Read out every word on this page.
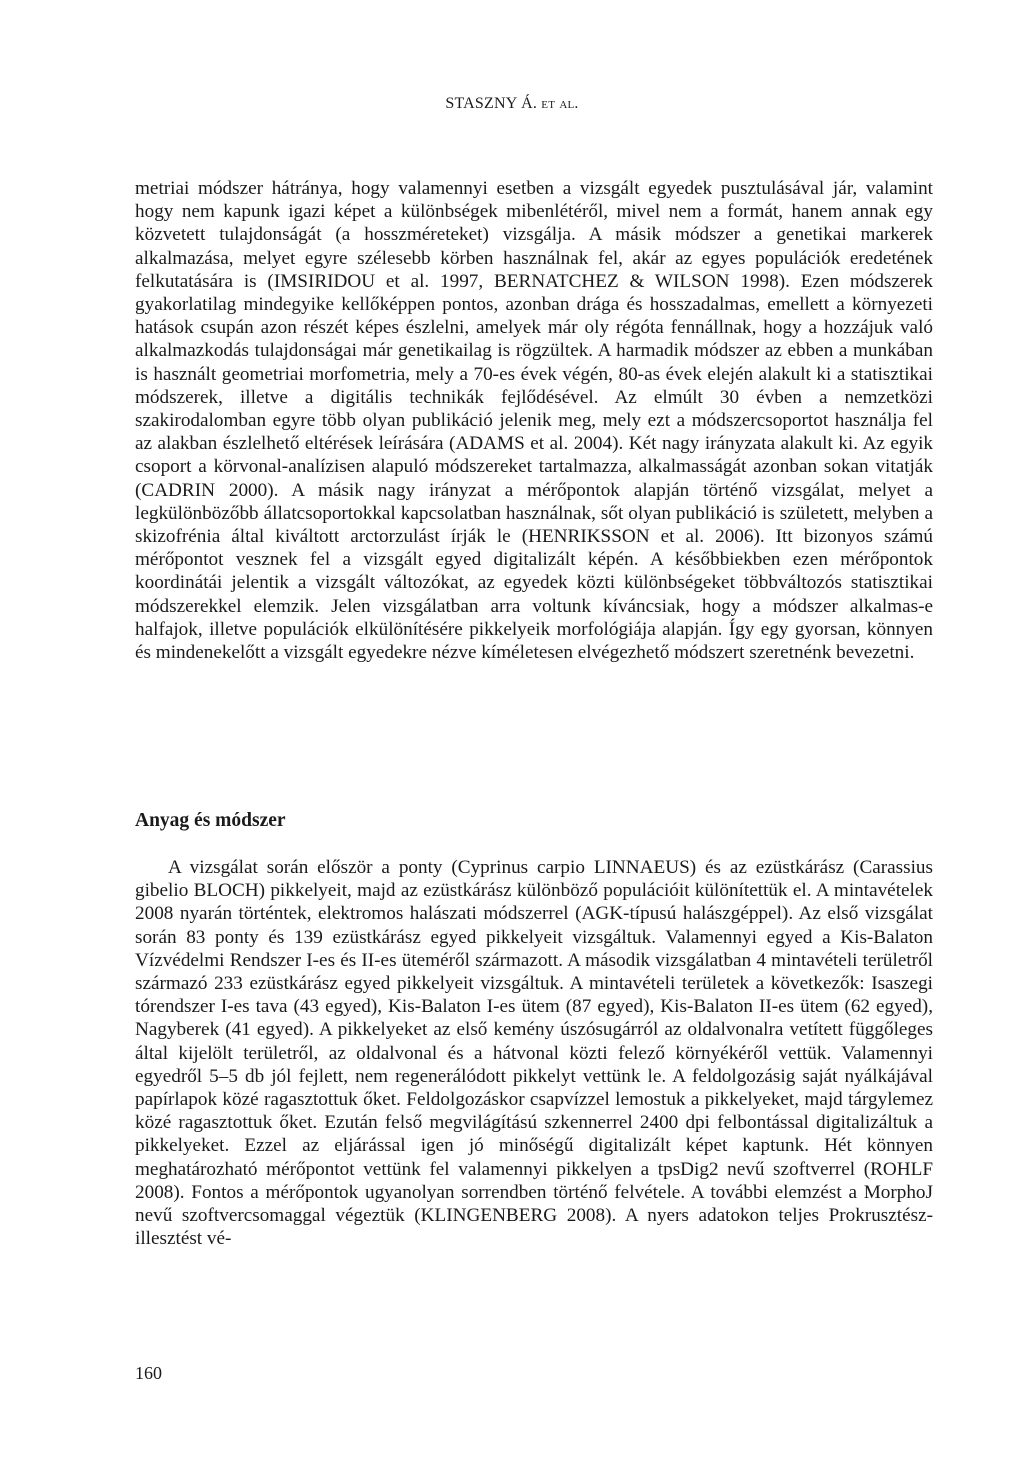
STASZNY Á. et al.

metriai módszer hátránya, hogy valamennyi esetben a vizsgált egyedek pusztulásával jár, valamint hogy nem kapunk igazi képet a különbségek mibenlétéről, mivel nem a formát, hanem annak egy közvetett tulajdonságát (a hosszméreteket) vizsgálja. A másik módszer a genetikai markerek alkalmazása, melyet egyre szélesebb körben használnak fel, akár az egyes populációk eredetének felkutatására is (IMSIRIDOU et al. 1997, BERNATCHEZ & WILSON 1998). Ezen módszerek gyakorlatilag mindegyike kellőképpen pontos, azonban drága és hosszadalmas, emellett a környezeti hatások csupán azon részét képes észlelni, amelyek már oly régóta fennállnak, hogy a hozzájuk való alkalmazkodás tulajdonságai már genetikailag is rögzültek. A harmadik módszer az ebben a munkában is használt geometriai morfometria, mely a 70-es évek végén, 80-as évek elején alakult ki a statisztikai módszerek, illetve a digitális technikák fejlődésével. Az elmúlt 30 évben a nemzetközi szakirodalomban egyre több olyan publikáció jelenik meg, mely ezt a módszercsoportot használja fel az alakban észlelhető eltérések leírására (ADAMS et al. 2004). Két nagy irányzata alakult ki. Az egyik csoport a körvonal-analízisen alapuló módszereket tartalmazza, alkalmasságát azonban sokan vitatják (CADRIN 2000). A másik nagy irányzat a mérőpontok alapján történő vizsgálat, melyet a legkülönbözőbb állatcsoportokkal kapcsolatban használnak, sőt olyan publikáció is született, melyben a skizofrénia által kiváltott arctorzulást írják le (HENRIKSSON et al. 2006). Itt bizonyos számú mérőpontot vesznek fel a vizsgált egyed digitalizált képén. A későbbiekben ezen mérőpontok koordinátái jelentik a vizsgált változókat, az egyedek közti különbségeket többváltozós statisztikai módszerekkel elemzik. Jelen vizsgálatban arra voltunk kíváncsiak, hogy a módszer alkalmas-e halfajok, illetve populációk elkülönítésére pikkelyeik morfológiája alapján. Így egy gyorsan, könnyen és mindenekelőtt a vizsgált egyedekre nézve kíméletesen elvégezhető módszert szeretnénk bevezetni.

Anyag és módszer

A vizsgálat során először a ponty (Cyprinus carpio LINNAEUS) és az ezüstkárász (Carassius gibelio BLOCH) pikkelyeit, majd az ezüstkárász különböző populációit különítettük el. A mintavételek 2008 nyarán történtek, elektromos halászati módszerrel (AGK-típusú halászgéppel). Az első vizsgálat során 83 ponty és 139 ezüstkárász egyed pikkelyeit vizsgáltuk. Valamennyi egyed a Kis-Balaton Vízvédelmi Rendszer I-es és II-es üteméről származott. A második vizsgálatban 4 mintavételi területről származó 233 ezüstkárász egyed pikkelyeit vizsgáltuk. A mintavételi területek a következők: Isaszegi tórendszer I-es tava (43 egyed), Kis-Balaton I-es ütem (87 egyed), Kis-Balaton II-es ütem (62 egyed), Nagyberek (41 egyed). A pikkelyeket az első kemény úszósugárról az oldalvonalra vetített függőleges által kijelölt területről, az oldalvonal és a hátvonal közti felező környékéről vettük. Valamennyi egyedről 5–5 db jól fejlett, nem regenerálódott pikkelyt vettünk le. A feldolgozásig saját nyálkájával papírlapok közé ragasztottuk őket. Feldolgozáskor csapvízzel lemostuk a pikkelyeket, majd tárgylemez közé ragasztottuk őket. Ezután felső megvilágítású szkennerrel 2400 dpi felbontással digitalizáltuk a pikkelyeket. Ezzel az eljárással igen jó minőségű digitalizált képet kaptunk. Hét könnyen meghatározható mérőpontot vettünk fel valamennyi pikkelyen a tpsDig2 nevű szoftverrel (ROHLF 2008). Fontos a mérőpontok ugyanolyan sorrendben történő felvétele. A további elemzést a MorphoJ nevű szoftvercsomaggal végeztük (KLINGENBERG 2008). A nyers adatokon teljes Prokrusztész-illesztést vé-

160
